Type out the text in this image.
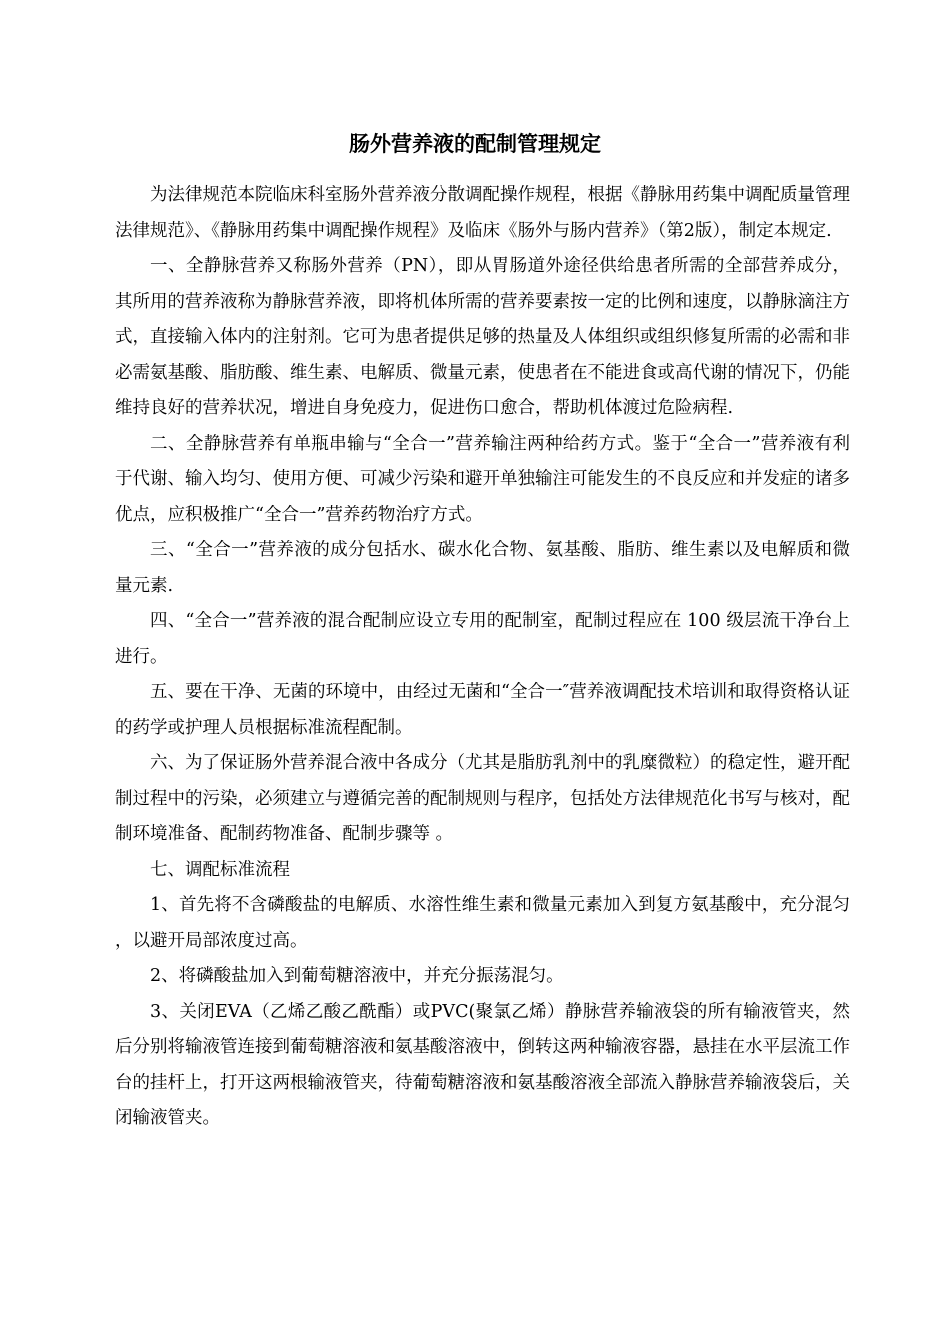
肠外营养液的配制管理规定

为法律规范本院临床科室肠外营养液分散调配操作规程，根据《静脉用药集中调配质量管理法律规范》、《静脉用药集中调配操作规程》及临床《肠外与肠内营养》（第2版），制定本规定.

一、全静脉营养又称肠外营养（PN），即从胃肠道外途径供给患者所需的全部营养成分，其所用的营养液称为静脉营养液，即将机体所需的营养要素按一定的比例和速度，以静脉滴注方式，直接输入体内的注射剂。它可为患者提供足够的热量及人体组织或组织修复所需的必需和非必需氨基酸、脂肪酸、维生素、电解质、微量元素，使患者在不能进食或高代谢的情况下，仍能维持良好的营养状况，增进自身免疫力，促进伤口愈合，帮助机体渡过危险病程.

二、全静脉营养有单瓶串输与“全合一”营养输注两种给药方式。鉴于“全合一”营养液有利于代谢、输入均匀、使用方便、可减少污染和避开单独输注可能发生的不良反应和并发症的诸多优点，应积极推广“全合一”营养药物治疗方式。

三、“全合一”营养液的成分包括水、碳水化合物、氨基酸、脂肪、维生素以及电解质和微量元素.

四、“全合一”营养液的混合配制应设立专用的配制室，配制过程应在 100 级层流干净台上进行。

五、要在干净、无菌的环境中，由经过无菌和“全合一″营养液调配技术培训和取得资格认证的药学或护理人员根据标准流程配制。

六、为了保证肠外营养混合液中各成分（尤其是脂肪乳剂中的乳糜微粒）的稳定性，避开配制过程中的污染，必须建立与遵循完善的配制规则与程序，包括处方法律规范化书写与核对，配制环境准备、配制药物准备、配制步骤等 。

七、调配标准流程

1、首先将不含磷酸盐的电解质、水溶性维生素和微量元素加入到复方氨基酸中，充分混匀，以避开局部浓度过高。

2、将磷酸盐加入到葡萄糖溶液中，并充分振荡混匀。

3、关闭EVA（乙烯乙酸乙酰酯）或PVC(聚氯乙烯）静脉营养输液袋的所有输液管夹，然后分别将输液管连接到葡萄糖溶液和氨基酸溶液中，倒转这两种输液容器，悬挂在水平层流工作台的挂杆上，打开这两根输液管夹，待葡萄糖溶液和氨基酸溶液全部流入静脉营养输液袋后，关闭输液管夹。
